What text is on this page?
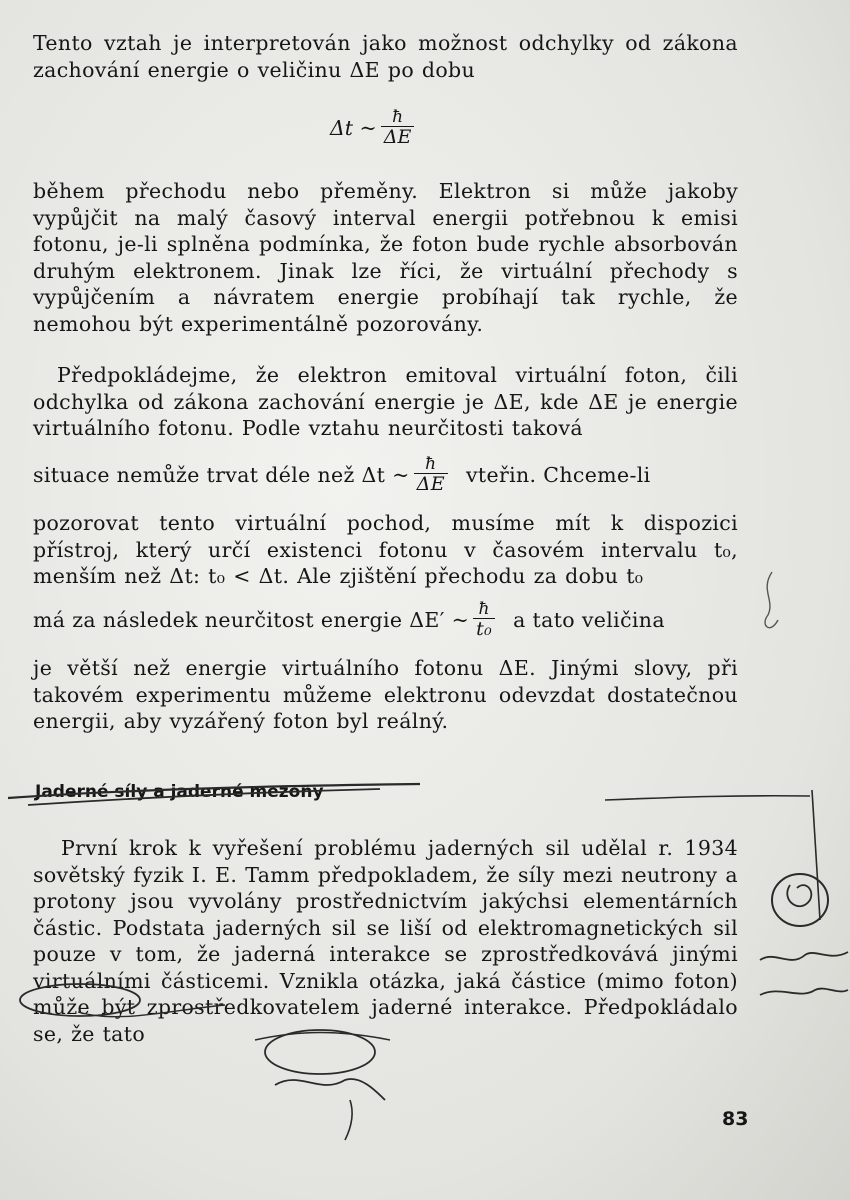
Tento vztah je interpretován jako možnost odchylky od zákona zachování energie o veličinu ΔE po dobu

Δt ~ $\frac{ħ}{\Delta E}$

během přechodu nebo přeměny. Elektron si může jakoby vypůjčit na malý časový interval energii potřebnou k emisi fotonu, je-li splněna podmínka, že foton bude rychle absorbován druhým elektronem. Jinak lze říci, že virtuální přechody s vypůjčením a návratem energie probíhají tak rychle, že nemohou být experimentálně pozorovány.

Předpokládejme, že elektron emitoval virtuální foton, čili odchylka od zákona zachování energie je ΔE, kde ΔE je energie virtuálního fotonu. Podle vztahu neurčitosti taková

situace nemůže trvat déle než Δt ~ $\frac{ħ}{\Delta E}$ vteřin. Chceme-li

pozorovat tento virtuální pochod, musíme mít k dispozici přístroj, který určí existenci fotonu v časovém intervalu t₀, menším než Δt: t₀ < Δt. Ale zjištění přechodu za dobu t₀

má za následek neurčitost energie ΔE′ ~ $\frac{ħ}{\text{t₀}}$ a tato veličina

je větší než energie virtuálního fotonu ΔE. Jinými slovy, při takovém experimentu můžeme elektronu odevzdat dostatečnou energii, aby vyzářený foton byl reálný.

Jaderné síly a jaderné mezony

První krok k vyřešení problému jaderných sil udělal r. 1934 sovětský fyzik I. E. Tamm předpokladem, že síly mezi neutrony a protony jsou vyvolány prostřednictvím jakýchsi elementárních částic. Podstata jaderných sil se liší od elektromagnetických sil pouze v tom, že jaderná interakce se zprostředkovává jinými virtuálními částicemi. Vznikla otázka, jaká částice (mimo foton) může být zprostředkovatelem jaderné interakce. Předpokládalo se, že tato

83
